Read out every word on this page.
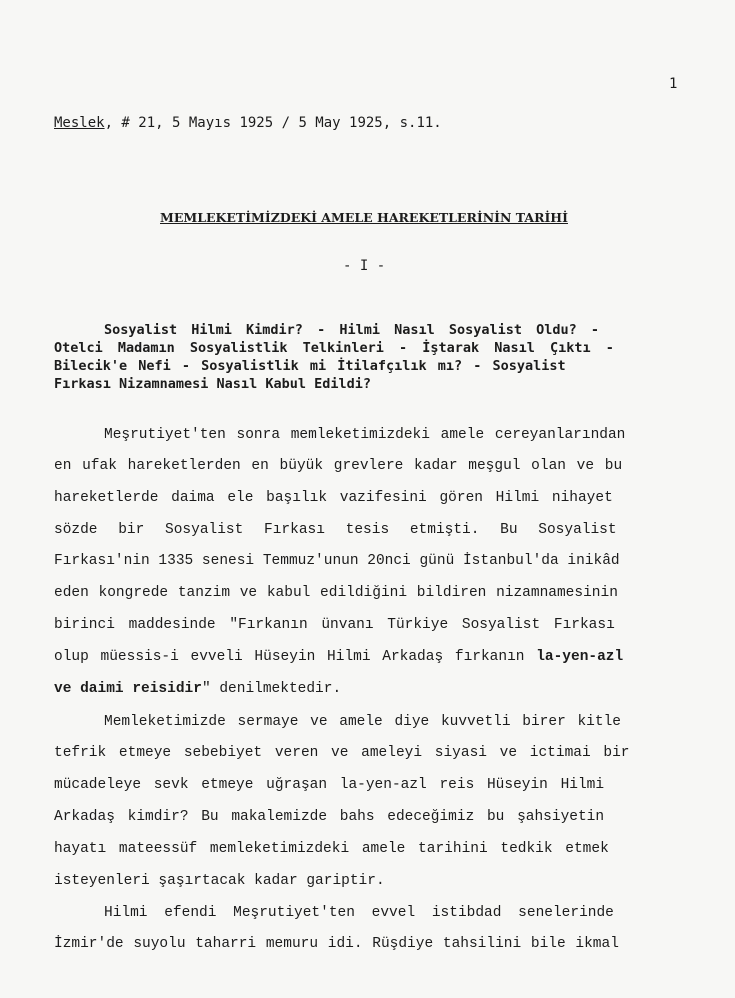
1
Meslek, # 21, 5 Mayıs 1925 / 5 May 1925, s.11.
MEMLEKETİMİZDEKİ AMELE HAREKETLERİNİN TARİHİ
- I -
Sosyalist Hilmi Kimdir? - Hilmi Nasıl Sosyalist Oldu? -
Otelci Madamın Sosyalistlik Telkinleri - İştarak Nasıl Çıktı -
Bilecik'e Nefi - Sosyalistlik mi İtilafçılık mı? - Sosyalist
Fırkası Nizamnamesi Nasıl Kabul Edildi?
Meşrutiyet'ten sonra memleketimizdeki amele cereyanlarından
en ufak hareketlerden en büyük grevlere kadar meşgul olan ve bu
hareketlerde daima ele başılık vazifesini gören Hilmi nihayet
sözde bir Sosyalist Fırkası tesis etmişti. Bu Sosyalist
Fırkası'nin 1335 senesi Temmuz'unun 20nci günü İstanbul'da inikâd
eden kongrede tanzim ve kabul edildiğini bildiren nizamnamesinin
birinci maddesinde "Fırkanın ünvanı Türkiye Sosyalist Fırkası
olup müessis-i evveli Hüseyin Hilmi Arkadaş fırkanın la-yen-azl
ve daimi reisidir" denilmektedir.
Memleketimizde sermaye ve amele diye kuvvetli birer kitle
tefrik etmeye sebebiyet veren ve ameleyi siyasi ve ictimai bir
mücadeleye sevk etmeye uğraşan la-yen-azl reis Hüseyin Hilmi
Arkadaş kimdir? Bu makalemizde bahs edeceğimiz bu şahsiyetin
hayatı mateessüf memleketimizdeki amele tarihini tedkik etmek
isteyenleri şaşırtacak kadar gariptir.
Hilmi efendi Meşrutiyet'ten evvel istibdad senelerinde
İzmir'de suyolu taharri memuru idi. Rüşdiye tahsilini bile ikmal
